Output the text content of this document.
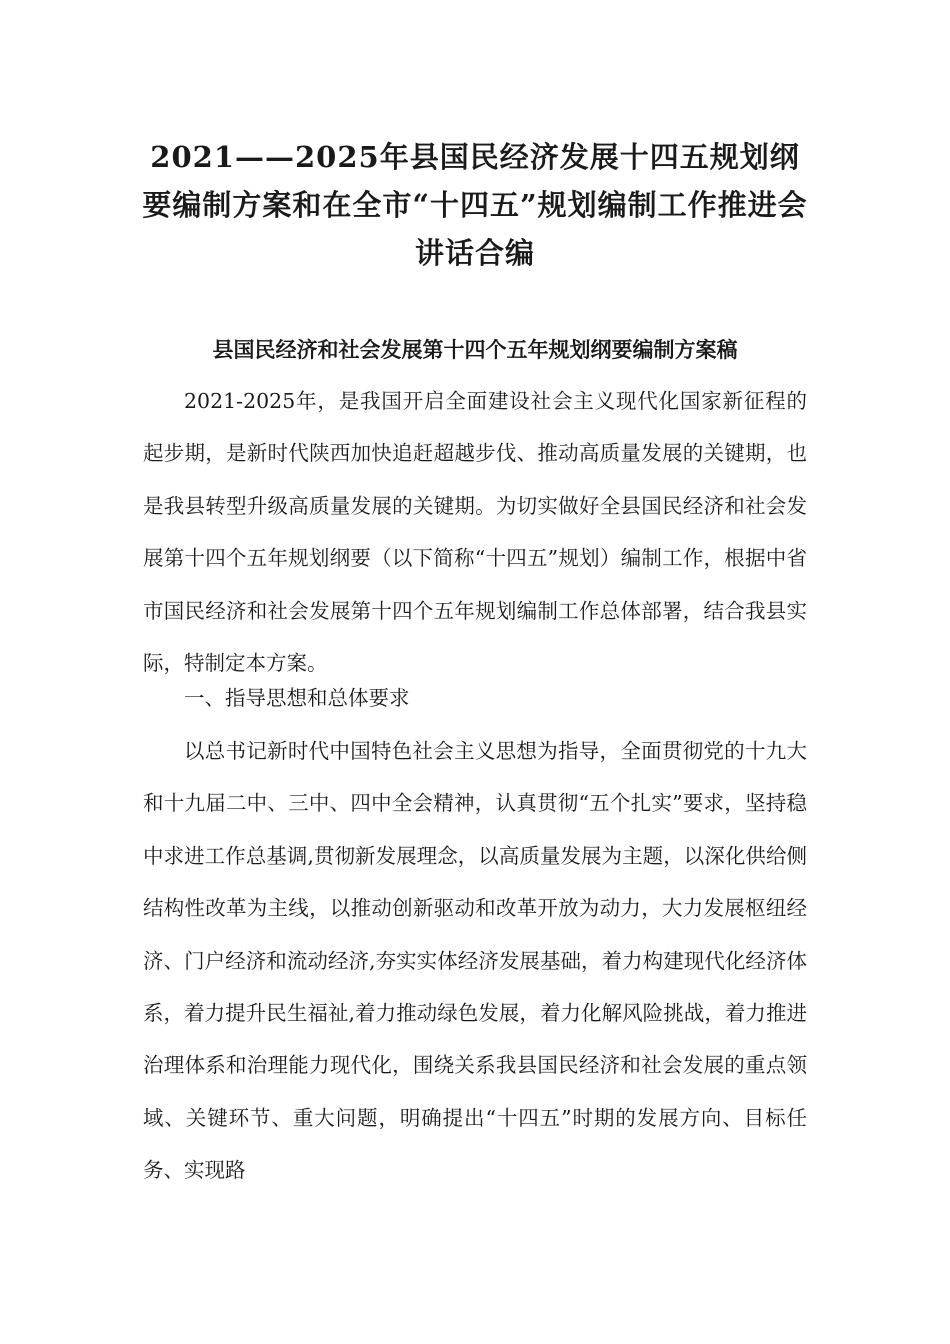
2021——2025年县国民经济发展十四五规划纲要编制方案和在全市“十四五”规划编制工作推进会讲话合编
县国民经济和社会发展第十四个五年规划纲要编制方案稿

2021-2025年，是我国开启全面建设社会主义现代化国家新征程的起步期，是新时代陕西加快追赶超越步伐、推动高质量发展的关键期，也是我县转型升级高质量发展的关键期。为切实做好全县国民经济和社会发展第十四个五年规划纲要（以下简称“十四五”规划）编制工作，根据中省市国民经济和社会发展第十四个五年规划编制工作总体部署，结合我县实际，特制定本方案。

一、指导思想和总体要求

以总书记新时代中国特色社会主义思想为指导，全面贯彻党的十九大和十九届二中、三中、四中全会精神，认真贯彻“五个扎实”要求，坚持稳中求进工作总基调,贯彻新发展理念，以高质量发展为主题，以深化供给侧结构性改革为主线，以推动创新驱动和改革开放为动力，大力发展枢纽经济、门户经济和流动经济,夯实实体经济发展基础，着力构建现代化经济体系，着力提升民生福祉,着力推动绿色发展，着力化解风险挑战，着力推进治理体系和治理能力现代化，围绕关系我县国民经济和社会发展的重点领域、关键环节、重大问题，明确提出“十四五”时期的发展方向、目标任务、实现路
